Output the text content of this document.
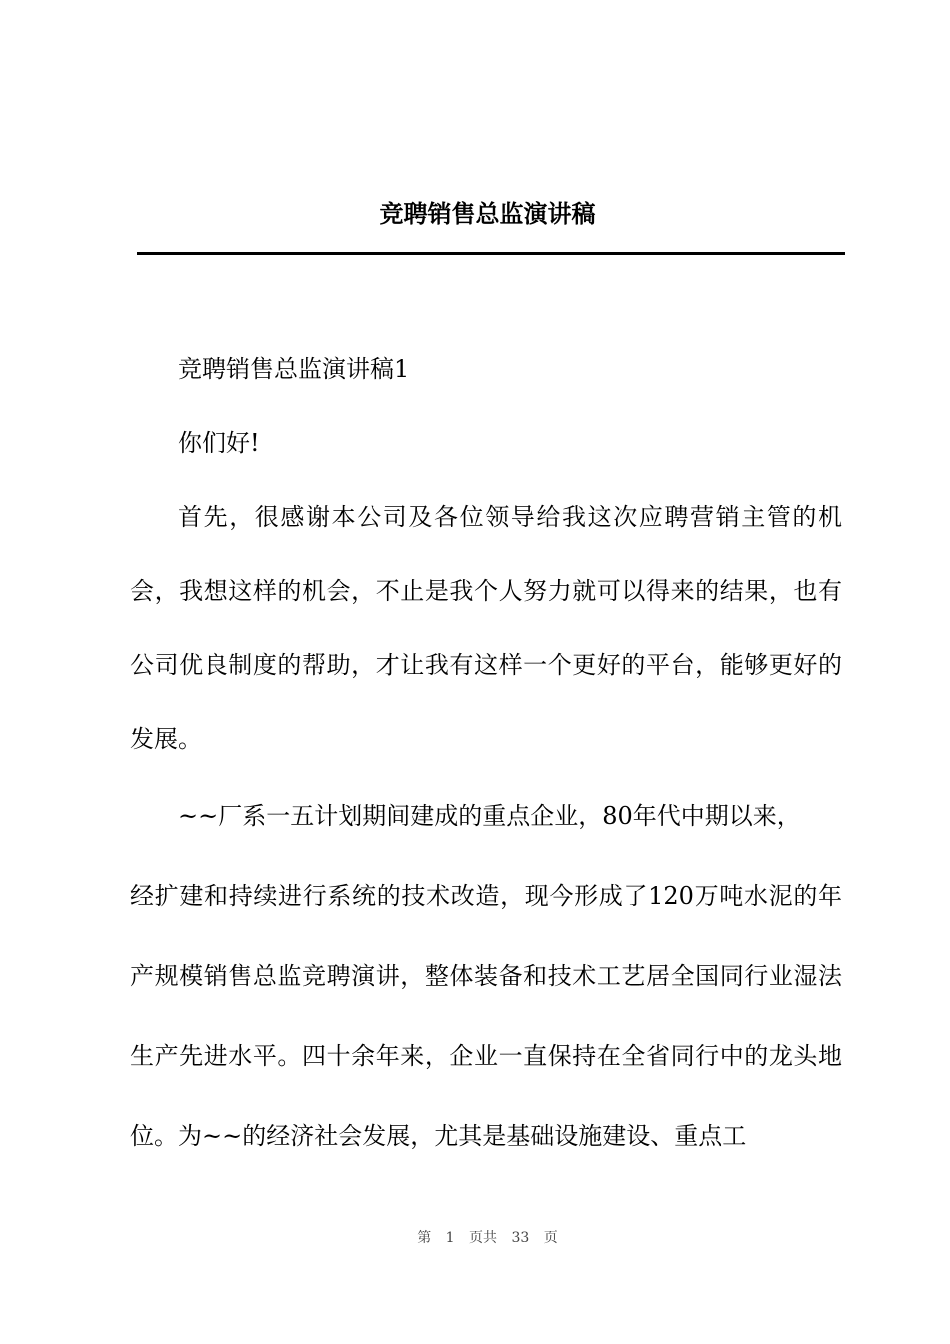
竞聘销售总监演讲稿

竞聘销售总监演讲稿1

你们好!

首先，很感谢本公司及各位领导给我这次应聘营销主管的机会，我想这样的机会，不止是我个人努力就可以得来的结果，也有公司优良制度的帮助，才让我有这样一个更好的平台，能够更好的发展。

~~厂系一五计划期间建成的重点企业，80年代中期以来，

经扩建和持续进行系统的技术改造，现今形成了120万吨水泥的年产规模销售总监竞聘演讲，整体装备和技术工艺居全国同行业湿法生产先进水平。四十余年来，企业一直保持在全省同行中的龙头地位。为~~的经济社会发展，尤其是基础设施建设、重点工

第 1 页共 33 页
